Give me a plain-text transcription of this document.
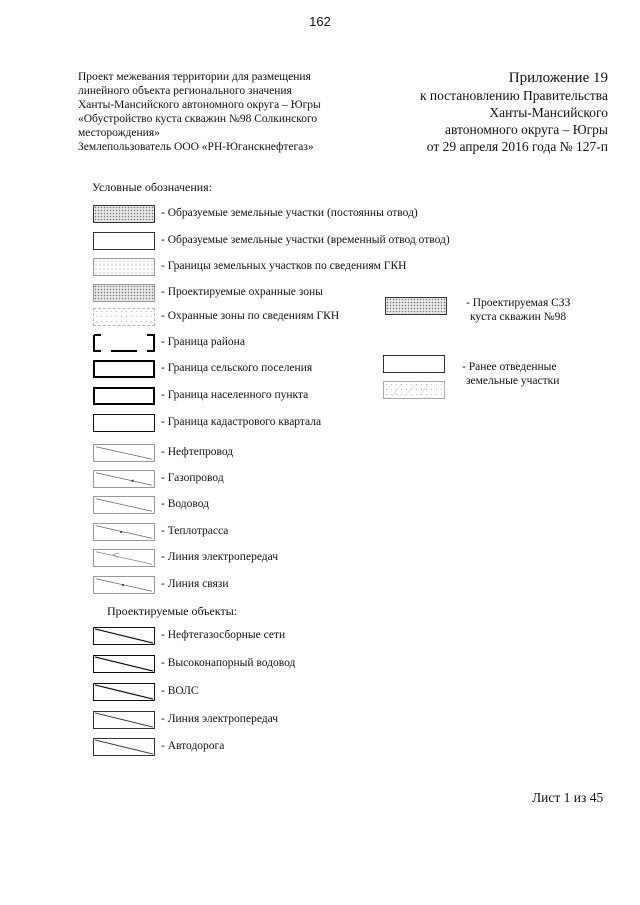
162
Проект межевания территории для размещения
линейного объекта регионального значения
Ханты-Мансийского автономного округа – Югры
«Обустройство куста скважин №98 Солкинского
месторождения»
Землепользователь ООО «РН-Юганскнефтегаз»
Приложение 19
к постановлению Правительства
Ханты-Мансийского
автономного округа – Югры
от 29 апреля 2016 года № 127-п
Условные обозначения:
- Образуемые земельные участки (постоянны отвод)
- Образуемые земельные участки (временный отвод отвод)
- Границы земельных участков по сведениям ГКН
- Проектируемые охранные зоны
- Охранные зоны по сведениям ГКН
- Граница района
- Граница сельского поселения
- Граница населенного пункта
- Граница кадастрового квартала
- Нефтепровод
- Газопровод
- Водовод
- Теплотрасса
- Линия электропередач
- Линия связи
- Проектируемая СЗЗ
куста скважин №98
- Ранее отведенные
земельные участки
Проектируемые объекты:
- Нефтегазосборные сети
- Высоконапорный водовод
- ВОЛС
- Линия электропередач
- Автодорога
Лист 1 из 45
